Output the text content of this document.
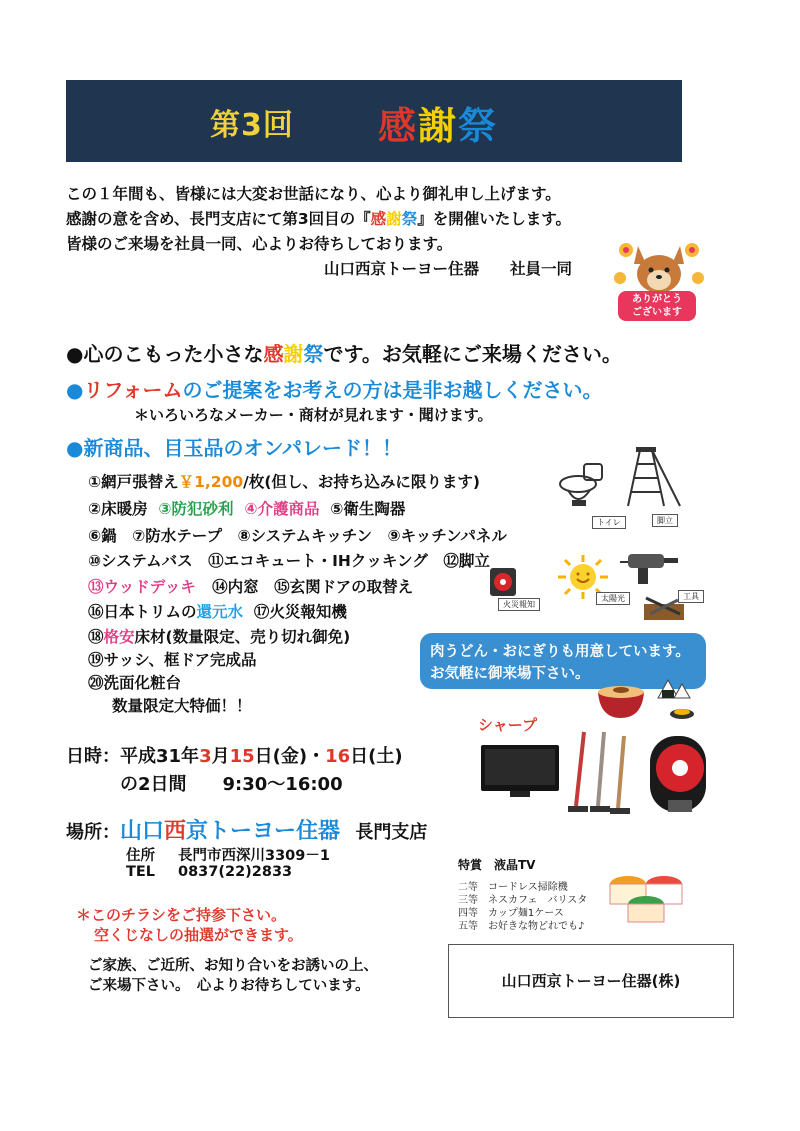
第3回 感謝祭
この１年間も、皆様には大変お世話になり、心より御礼申し上げます。
感謝の意を含め、長門支店にて第3回目の『感謝祭』を開催いたします。
皆様のご来場を社員一同、心よりお待ちしております。
山口西京トーヨー住器　　社員一同
ありがとう
ございます
●心のこもった小さな感謝祭です。お気軽にご来場ください。
●リフォームのご提案をお考えの方は是非お越しください。
＊いろいろなメーカー・商材が見れます・聞けます。
●新商品、目玉品のオンパレード！！
①網戸張替え￥1,200/枚(但し、お持ち込みに限ります)
②床暖房 ③防犯砂利 ④介護商品 ⑤衛生陶器
⑥鍋　⑦防水テープ　⑧システムキッチン　⑨キッチンパネル
⑩システムバス　⑪エコキュート・IHクッキング　⑫脚立
⑬ウッドデッキ ⑭内窓　⑮玄関ドアの取替え
⑯日本トリムの還元水 ⑰火災報知機
⑱格安床材(数量限定、売り切れ御免)
⑲サッシ、框ドア完成品
⑳洗面化粧台
数量限定大特価！！
トイレ	脚立
火災報知
太陽光	工具
肉うどん・おにぎりも用意しています。
お気軽に御来場下さい。
シャープ
日時：平成31年3月15日(金)・16日(土)
の2日間　　9:30～16:00
場所：山口西京トーヨー住器 長門支店
住所 長門市西深川3309－1
TEL 0837(22)2833	特賞　液晶TV
二等　コードレス掃除機
三等　ネスカフェ　バリスタ
四等　カップ麺1ケース
五等　お好きな物どれでも♪
＊このチラシをご持参下さい。
空くじなしの抽選ができます。
ご家族、ご近所、お知り合いをお誘いの上、
ご来場下さい。　心よりお待ちしています。	山口西京トーヨー住器(株)
